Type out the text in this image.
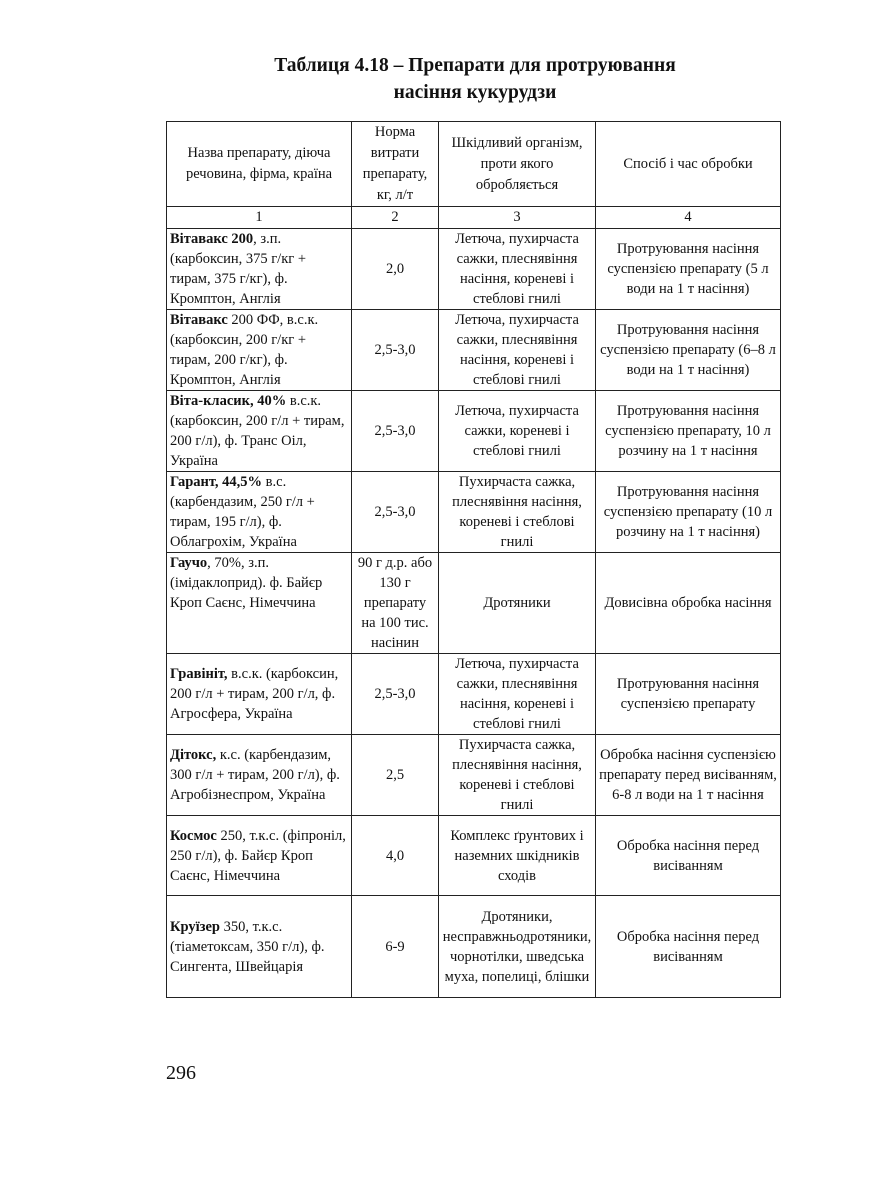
Таблиця 4.18 – Препарати для протруювання
насіння кукурудзи
Назва препарату, діюча речовина, фірма, країна	Норма витрати препарату, кг, л/т	Шкідливий організм, проти якого обробляється	Спосіб і час обробки
1	2	3	4
Вітавакс 200, з.п. (карбоксин, 375 г/кг + тирам, 375 г/кг), ф. Кромптон, Англія	2,0	Летюча, пухирчаста сажки, плеснявіння насіння, кореневі і стеблові гнилі	Протруювання насіння суспензією препарату (5 л води на 1 т насіння)
Вітавакс 200 ФФ, в.с.к. (карбоксин, 200 г/кг + тирам, 200 г/кг), ф. Кромптон, Англія	2,5-3,0	Летюча, пухирчаста сажки, плеснявіння насіння, кореневі і стеблові гнилі	Протруювання насіння суспензією препарату (6–8 л води на 1 т насіння)
Віта-класик, 40% в.с.к. (карбоксин, 200 г/л + тирам, 200 г/л), ф. Транс Оіл, Україна	2,5-3,0	Летюча, пухирчаста сажки, кореневі і стеблові гнилі	Протруювання насіння суспензією препарату, 10 л розчину на 1 т насіння
Гарант, 44,5% в.с. (карбендазим, 250 г/л + тирам, 195 г/л), ф. Облагрохім, Україна	2,5-3,0	Пухирчаста сажка, плеснявіння насіння, кореневі і стеблові гнилі	Протруювання насіння суспензією препарату (10 л розчину на 1 т насіння)
Гаучо, 70%, з.п. (імідаклоприд). ф. Байєр Кроп Саєнс, Німеччина	90 г д.р. або 130 г препарату на 100 тис. насінин	Дротяники	Довисівна обробка насіння
Гравініт, в.с.к. (карбоксин, 200 г/л + тирам, 200 г/л, ф. Агросфера, Україна	2,5-3,0	Летюча, пухирчаста сажки, плеснявіння насіння, кореневі і стеблові гнилі	Протруювання насіння суспензією препарату
Дітокс, к.с. (карбендазим, 300 г/л + тирам, 200 г/л), ф. Агробізнеспром, Україна	2,5	Пухирчаста сажка, плеснявіння насіння, кореневі і стеблові гнилі	Обробка насіння суспензією препарату перед висіванням, 6-8 л води на 1 т насіння
Космос 250, т.к.с. (фіпроніл, 250 г/л), ф. Байєр Кроп Саєнс, Німеччина	4,0	Комплекс ґрунтових і наземних шкідників сходів	Обробка насіння перед висіванням
Круїзер 350, т.к.с. (тіаметоксам, 350 г/л), ф. Сингента, Швейцарія	6-9	Дротяники, несправжньодротяники, чорнотілки, шведська муха, попелиці, блішки	Обробка насіння перед висіванням
296
